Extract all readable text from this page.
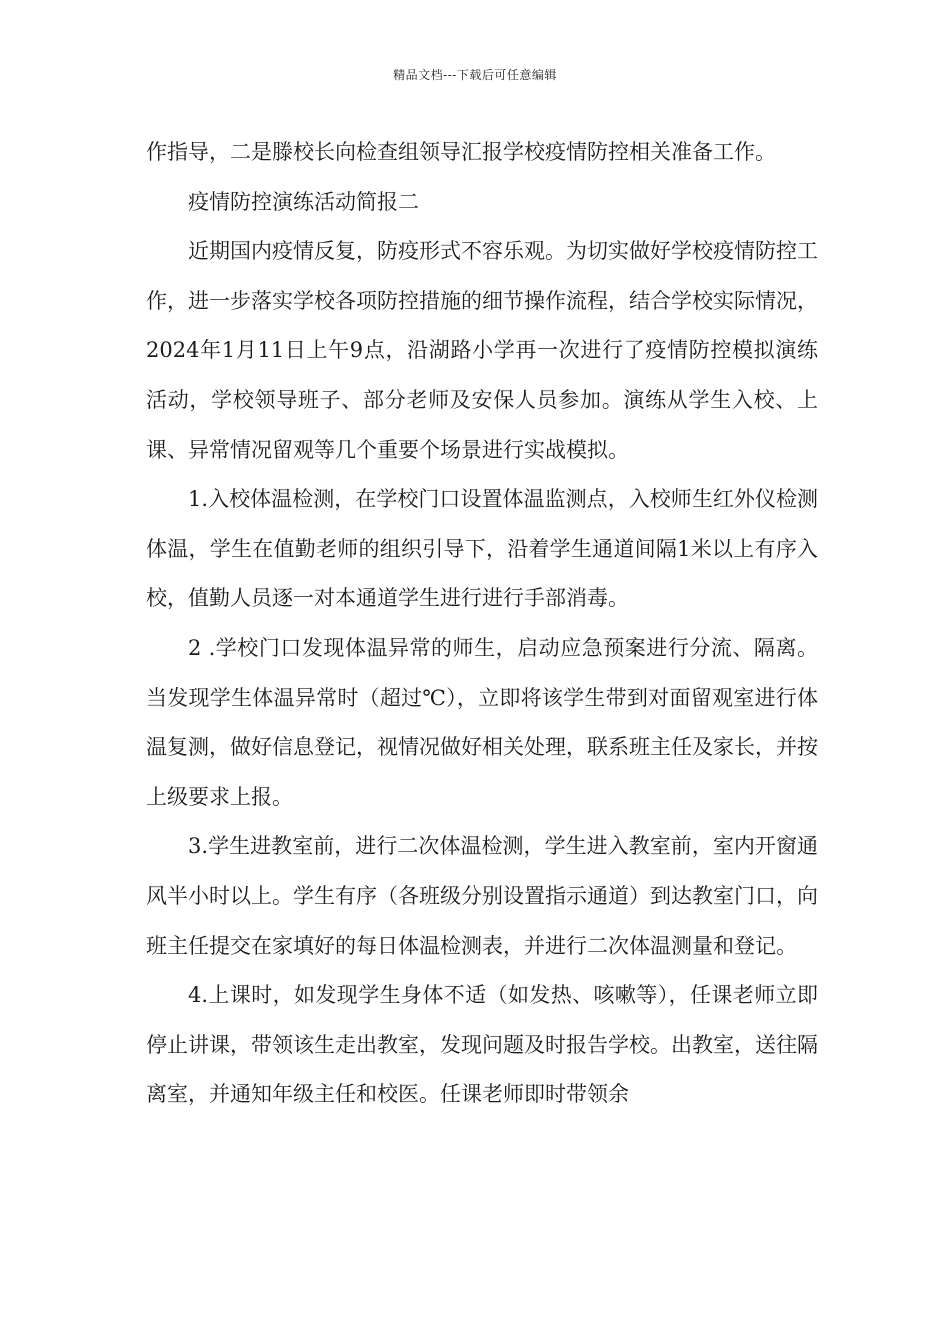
精品文档---下载后可任意编辑

作指导，二是滕校长向检查组领导汇报学校疫情防控相关准备工作。

疫情防控演练活动简报二

近期国内疫情反复，防疫形式不容乐观。为切实做好学校疫情防控工作，进一步落实学校各项防控措施的细节操作流程，结合学校实际情况，2024年1月11日上午9点，沿湖路小学再一次进行了疫情防控模拟演练活动，学校领导班子、部分老师及安保人员参加。演练从学生入校、上课、异常情况留观等几个重要个场景进行实战模拟。

1.入校体温检测，在学校门口设置体温监测点，入校师生红外仪检测体温，学生在值勤老师的组织引导下，沿着学生通道间隔1米以上有序入校，值勤人员逐一对本通道学生进行进行手部消毒。

2 .学校门口发现体温异常的师生，启动应急预案进行分流、隔离。当发现学生体温异常时（超过℃），立即将该学生带到对面留观室进行体温复测，做好信息登记，视情况做好相关处理，联系班主任及家长，并按上级要求上报。

3.学生进教室前，进行二次体温检测，学生进入教室前，室内开窗通风半小时以上。学生有序（各班级分别设置指示通道）到达教室门口，向班主任提交在家填好的每日体温检测表，并进行二次体温测量和登记。

4.上课时，如发现学生身体不适（如发热、咳嗽等），任课老师立即停止讲课，带领该生走出教室，发现问题及时报告学校。出教室，送往隔离室，并通知年级主任和校医。任课老师即时带领余
